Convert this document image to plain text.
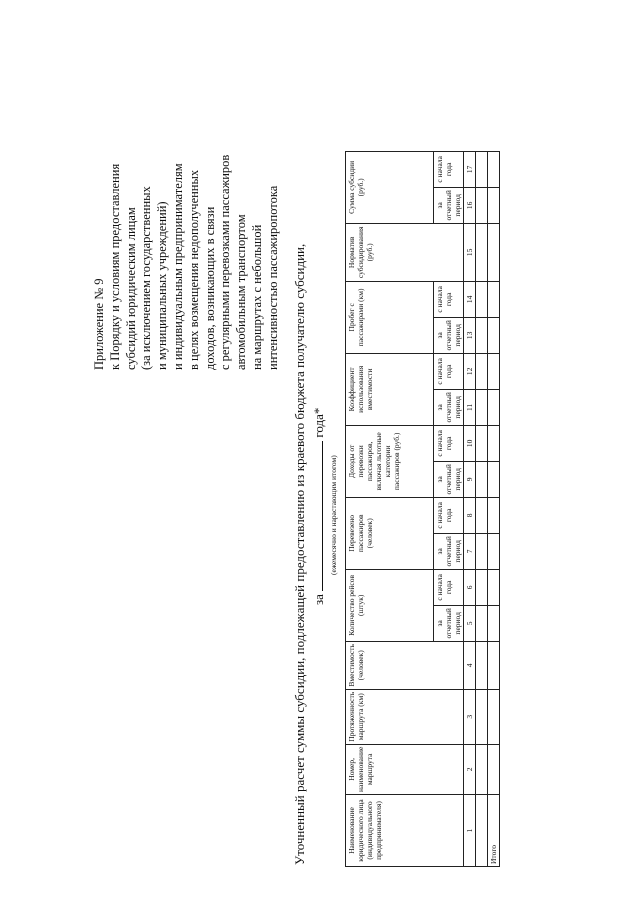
Приложение № 9 к Порядку и условиям предоставления субсидий юридическим лицам (за исключением государственных и муниципальных учреждений) и индивидуальным предпринимателям в целях возмещения недополученных доходов, возникающих в связи с регулярными перевозками пассажиров автомобильным транспортом на маршрутах с небольшой интенсивностью пассажиропотока Уточненный расчет суммы субсидии, подлежащей предоставлению из краевого бюджета получателю субсидии, за  года*
(ежемесячно и нарастающим итогом)
Наименование юридического лица (индивидуального предпринимателя)	Номер, наименование маршрута	Протяженность маршрута (км)	Вместимость (человек)	Количество рейсов (штук)		Перевезено пассажиров (человек)		Доходы от перевозки пассажиров, включая льготные категории пассажиров (руб.)		Коэффициент использования вместимости		Пробег с пассажирами (км)		Норматив субсидирования (руб.)	Сумма субсидии (руб.)	
				за отчетный период	с начала года	за отчетный период	с начала года	за отчетный период	с начала года	за отчетный период	с начала года	за отчетный период	с начала года		за отчетный период	с начала года
1	2	3	4	5	6	7	8	9	10	11	12	13	14	15	16	17

Итого																
